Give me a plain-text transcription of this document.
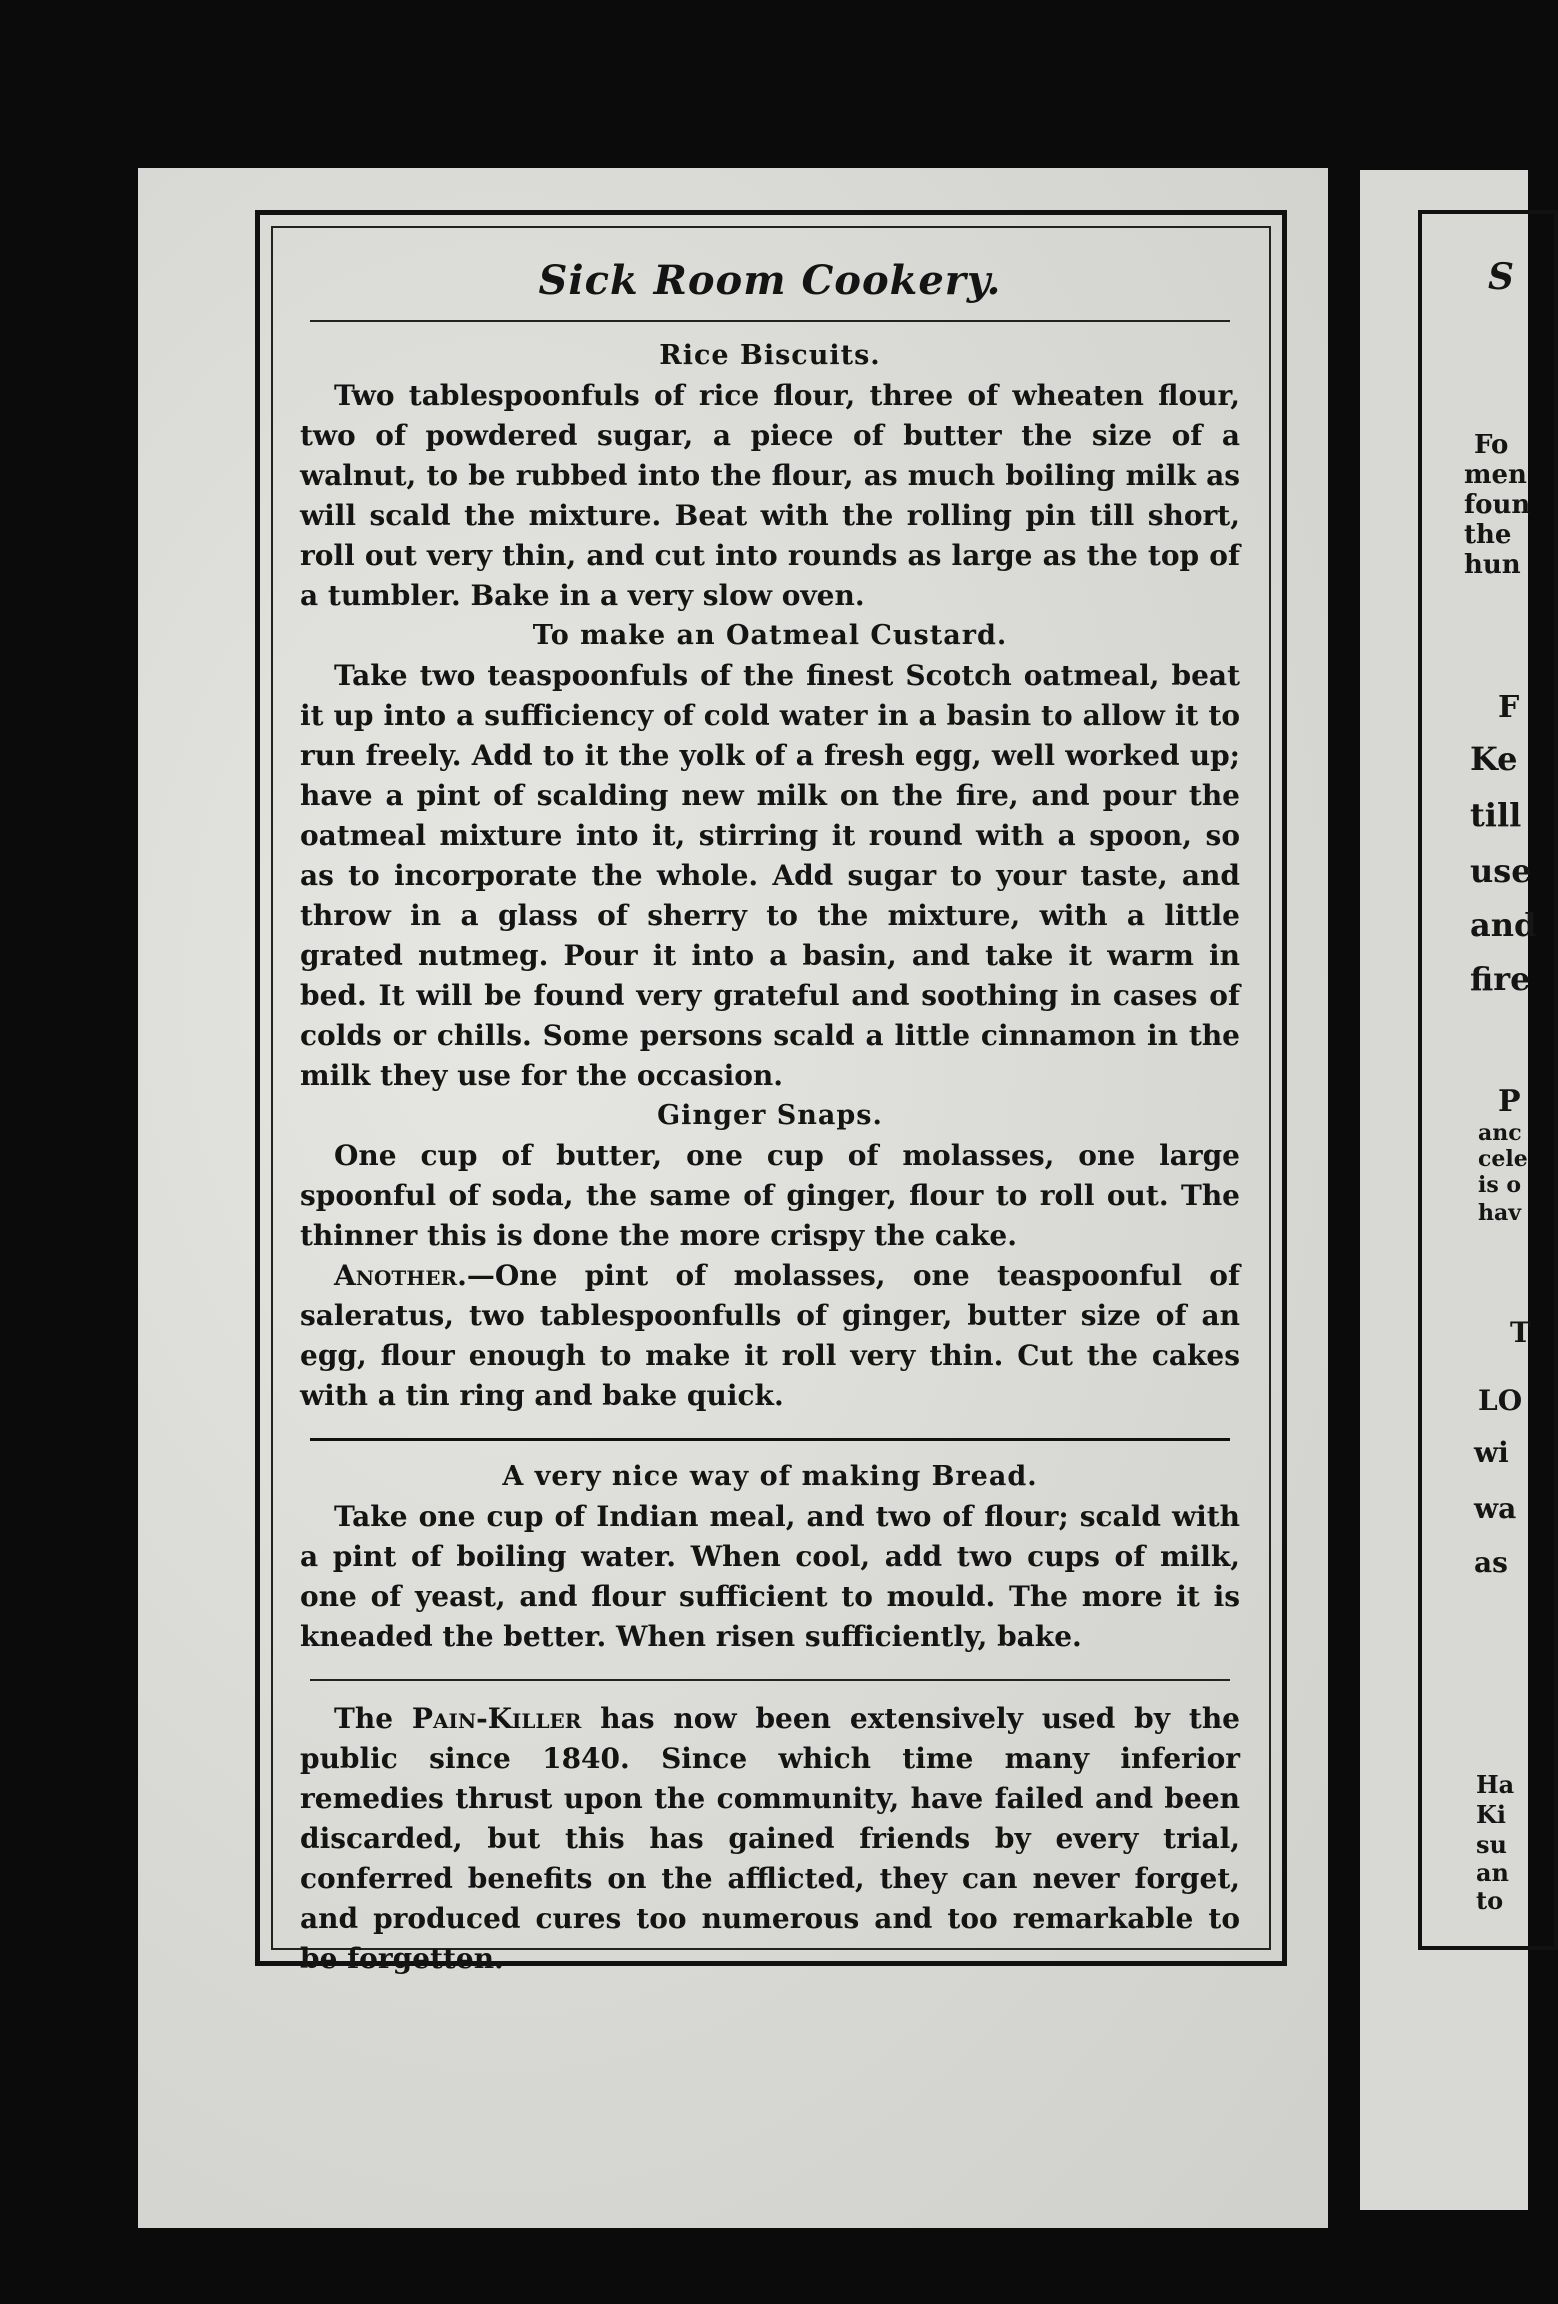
Sick Room Cookery.
Rice Biscuits.

Two tablespoonfuls of rice flour, three of wheaten flour, two of powdered sugar, a piece of butter the size of a walnut, to be rubbed into the flour, as much boiling milk as will scald the mixture. Beat with the rolling pin till short, roll out very thin, and cut into rounds as large as the top of a tumbler. Bake in a very slow oven.

To make an Oatmeal Custard.

Take two teaspoonfuls of the finest Scotch oatmeal, beat it up into a sufficiency of cold water in a basin to allow it to run freely. Add to it the yolk of a fresh egg, well worked up; have a pint of scalding new milk on the fire, and pour the oatmeal mixture into it, stirring it round with a spoon, so as to incorporate the whole. Add sugar to your taste, and throw in a glass of sherry to the mixture, with a little grated nutmeg. Pour it into a basin, and take it warm in bed. It will be found very grateful and soothing in cases of colds or chills. Some persons scald a little cinnamon in the milk they use for the occasion.

Ginger Snaps.

One cup of butter, one cup of molasses, one large spoonful of soda, the same of ginger, flour to roll out. The thinner this is done the more crispy the cake.

Another.—One pint of molasses, one teaspoonful of saleratus, two tablespoonfulls of ginger, butter size of an egg, flour enough to make it roll very thin. Cut the cakes with a tin ring and bake quick.

A very nice way of making Bread.

Take one cup of Indian meal, and two of flour; scald with a pint of boiling water. When cool, add two cups of milk, one of yeast, and flour sufficient to mould. The more it is kneaded the better. When risen sufficiently, bake.

The Pain-Killer has now been extensively used by the public since 1840. Since which time many inferior remedies thrust upon the community, have failed and been discarded, but this has gained friends by every trial, conferred benefits on the afflicted, they can never forget, and produced cures too numerous and too remarkable to be forgetten.

S
Fo
men
foun
the
hun
F
Ke
till
use
and
fire
P
anc
cele
is o
hav
T
LO
wi
wa
as
Ha
Ki
su
an
to
